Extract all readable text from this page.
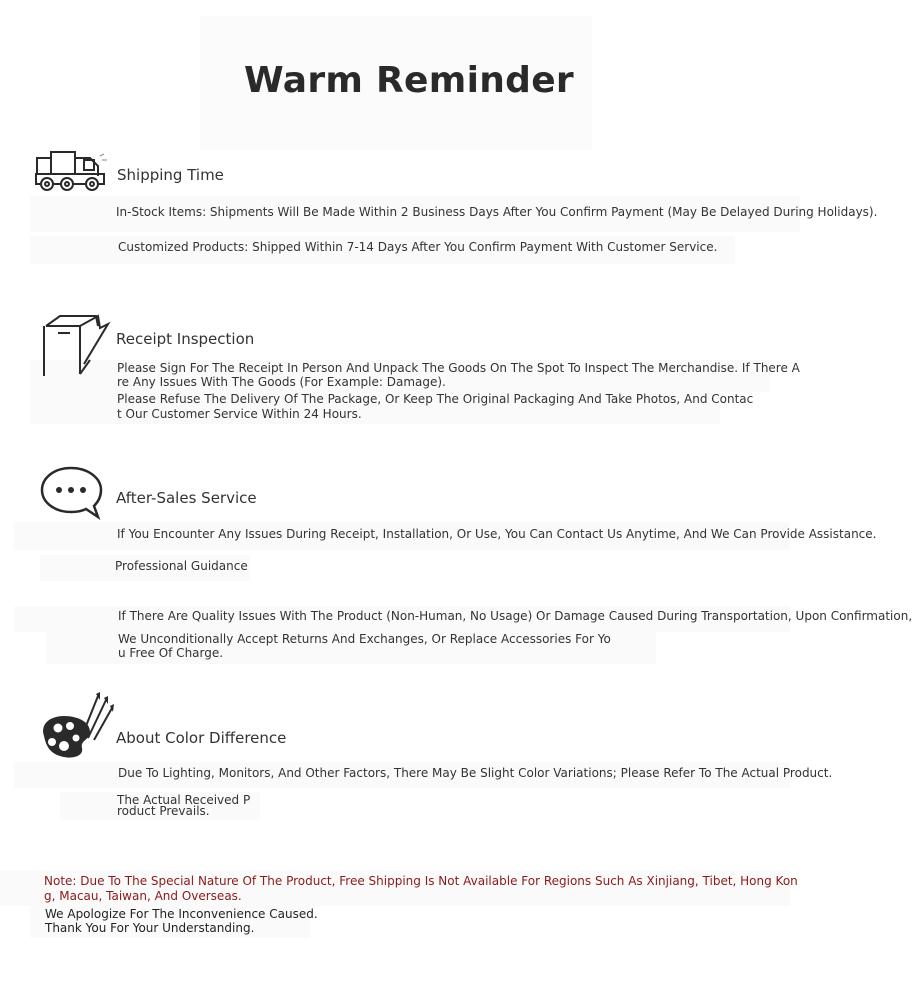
Warm Reminder
Shipping Time
In-Stock Items: Shipments Will Be Made Within 2 Business Days After You Confirm Payment (May Be Delayed During Holidays).
Customized Products: Shipped Within 7-14 Days After You Confirm Payment With Customer Service.
Receipt Inspection
Please Sign For The Receipt In Person And Unpack The Goods On The Spot To Inspect The Merchandise. If There A
re Any Issues With The Goods (For Example: Damage).
Please Refuse The Delivery Of The Package, Or Keep The Original Packaging And Take Photos, And Contac
t Our Customer Service Within 24 Hours.
After-Sales Service
If You Encounter Any Issues During Receipt, Installation, Or Use, You Can Contact Us Anytime, And We Can Provide Assistance.
Professional Guidance
If There Are Quality Issues With The Product (Non-Human, No Usage) Or Damage Caused During Transportation, Upon Confirmation,
We Unconditionally Accept Returns And Exchanges, Or Replace Accessories For Yo
u Free Of Charge.
About Color Difference
Due To Lighting, Monitors, And Other Factors, There May Be Slight Color Variations; Please Refer To The Actual Product.
The Actual Received P
roduct Prevails.
Note: Due To The Special Nature Of The Product, Free Shipping Is Not Available For Regions Such As Xinjiang, Tibet, Hong Kon
g, Macau, Taiwan, And Overseas.
We Apologize For The Inconvenience Caused.
Thank You For Your Understanding.
